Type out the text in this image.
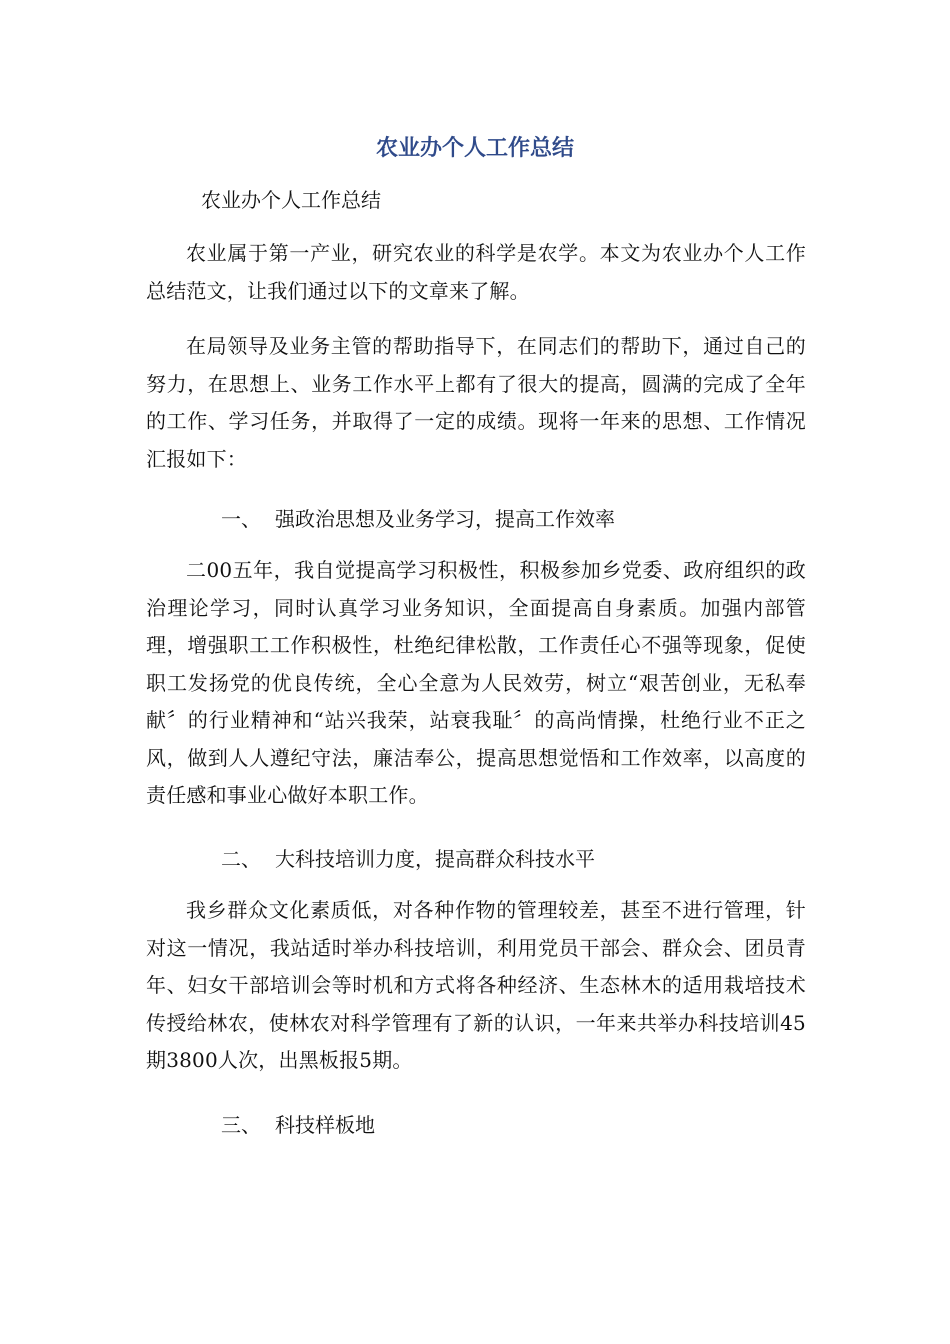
农业办个人工作总结
农业办个人工作总结

农业属于第一产业，研究农业的科学是农学。本文为农业办个人工作总结范文，让我们通过以下的文章来了解。

在局领导及业务主管的帮助指导下，在同志们的帮助下，通过自己的努力，在思想上、业务工作水平上都有了很大的提高，圆满的完成了全年的工作、学习任务，并取得了一定的成绩。现将一年来的思想、工作情况汇报如下：

一、 强政治思想及业务学习，提高工作效率

二00五年，我自觉提高学习积极性，积极参加乡党委、政府组织的政治理论学习，同时认真学习业务知识，全面提高自身素质。加强内部管理，增强职工工作积极性，杜绝纪律松散，工作责任心不强等现象，促使职工发扬党的优良传统，全心全意为人民效劳，树立“艰苦创业，无私奉献〞的行业精神和“站兴我荣，站衰我耻〞的高尚情操，杜绝行业不正之风，做到人人遵纪守法，廉洁奉公，提高思想觉悟和工作效率，以高度的责任感和事业心做好本职工作。

二、 大科技培训力度，提高群众科技水平

我乡群众文化素质低，对各种作物的管理较差，甚至不进行管理，针对这一情况，我站适时举办科技培训，利用党员干部会、群众会、团员青年、妇女干部培训会等时机和方式将各种经济、生态林木的适用栽培技术传授给林农，使林农对科学管理有了新的认识，一年来共举办科技培训45期3800人次，出黑板报5期。

三、 科技样板地
